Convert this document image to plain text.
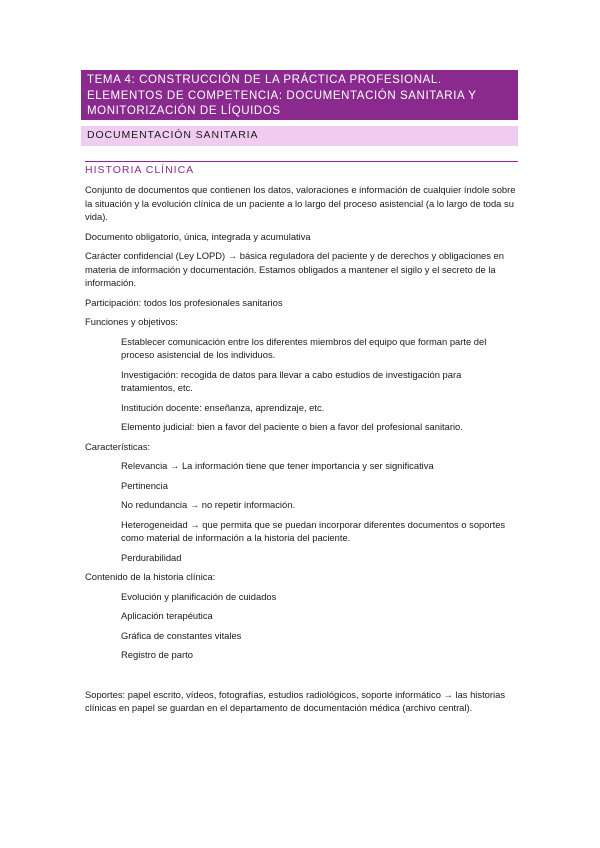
TEMA 4: CONSTRUCCIÓN DE LA PRÁCTICA PROFESIONAL.

ELEMENTOS DE COMPETENCIA: DOCUMENTACIÓN SANITARIA Y

MONITORIZACIÓN DE LÍQUIDOS

DOCUMENTACIÓN SANITARIA
HISTORIA CLÍNICA

Conjunto de documentos que contienen los datos, valoraciones e información de cualquier índole sobre la situación y la evolución clínica de un paciente a lo largo del proceso asistencial (a lo largo de toda su vida).

Documento obligatorio, única, integrada y acumulativa

Carácter confidencial (Ley LOPD) → básica reguladora del paciente y de derechos y obligaciones en materia de información y documentación. Estamos obligados a mantener el sigilo y el secreto de la información.

Participación: todos los profesionales sanitarios

Funciones y objetivos:

Establecer comunicación entre los diferentes miembros del equipo que forman parte del proceso asistencial de los individuos.

Investigación: recogida de datos para llevar a cabo estudios de investigación para tratamientos, etc.

Institución docente: enseñanza, aprendizaje, etc.

Elemento judicial: bien a favor del paciente o bien a favor del profesional sanitario.

Características:

Relevancia → La información tiene que tener importancia y ser significativa

Pertinencia

No redundancia → no repetir información.

Heterogeneidad → que permita que se puedan incorporar diferentes documentos o soportes como material de información a la historia del paciente.

Perdurabilidad

Contenido de la historia clínica:

Evolución y planificación de cuidados

Aplicación terapéutica

Gráfica de constantes vitales

Registro de parto

Soportes: papel escrito, vídeos, fotografías, estudios radiológicos, soporte informático → las historias clínicas en papel se guardan en el departamento de documentación médica (archivo central).
